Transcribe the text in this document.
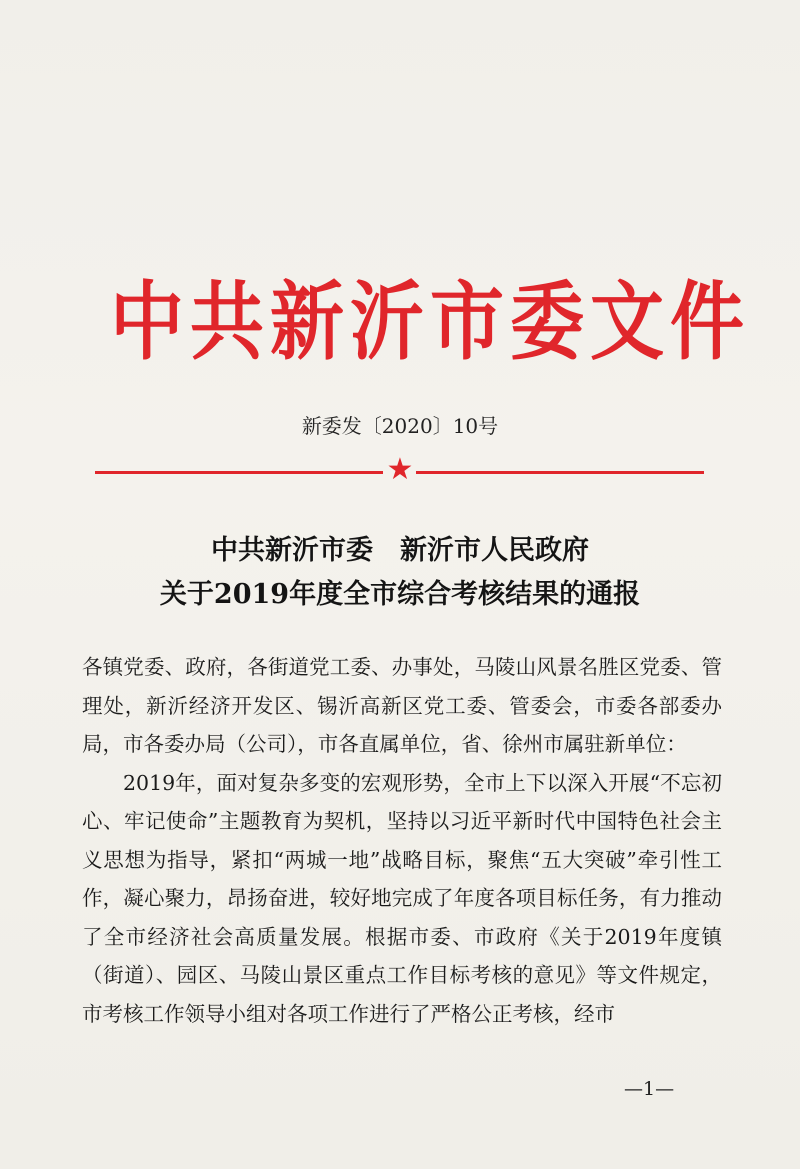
中共新沂市委文件
新委发〔2020〕10号
★
中共新沂市委　新沂市人民政府
关于2019年度全市综合考核结果的通报

各镇党委、政府，各街道党工委、办事处，马陵山风景名胜区党委、管理处，新沂经济开发区、锡沂高新区党工委、管委会，市委各部委办局，市各委办局（公司），市各直属单位，省、徐州市属驻新单位：

2019年，面对复杂多变的宏观形势，全市上下以深入开展“不忘初心、牢记使命”主题教育为契机，坚持以习近平新时代中国特色社会主义思想为指导，紧扣“两城一地”战略目标，聚焦“五大突破”牵引性工作，凝心聚力，昂扬奋进，较好地完成了年度各项目标任务，有力推动了全市经济社会高质量发展。根据市委、市政府《关于2019年度镇（街道）、园区、马陵山景区重点工作目标考核的意见》等文件规定，市考核工作领导小组对各项工作进行了严格公正考核，经市

—1—
